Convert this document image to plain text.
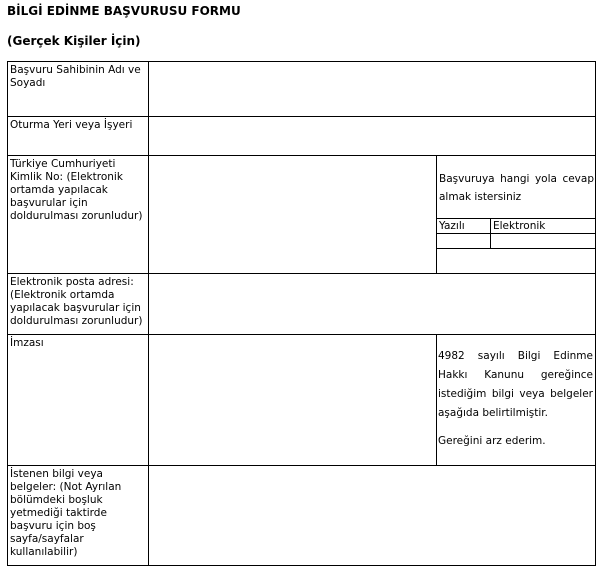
BİLGİ EDİNME BAŞVURUSU FORMU
(Gerçek Kişiler İçin)
Başvuru Sahibinin Adı ve Soyadı
Oturma Yeri veya İşyeri
Türkiye Cumhuriyeti Kimlik No: (Elektronik ortamda yapılacak başvurular için doldurulması zorunludur)
Başvuruya hangi yola cevap almak istersiniz
Yazılı	Elektronik
Elektronik posta adresi: (Elektronik ortamda yapılacak başvurular için doldurulması zorunludur)
İmzası
4982 sayılı Bilgi Edinme Hakkı Kanunu gereğince istediğim bilgi veya belgeler aşağıda belirtilmiştir.
Gereğini arz ederim.
İstenen bilgi veya belgeler: (Not Ayrılan bölümdeki boşluk yetmediği taktirde başvuru için boş sayfa/sayfalar kullanılabilir)
